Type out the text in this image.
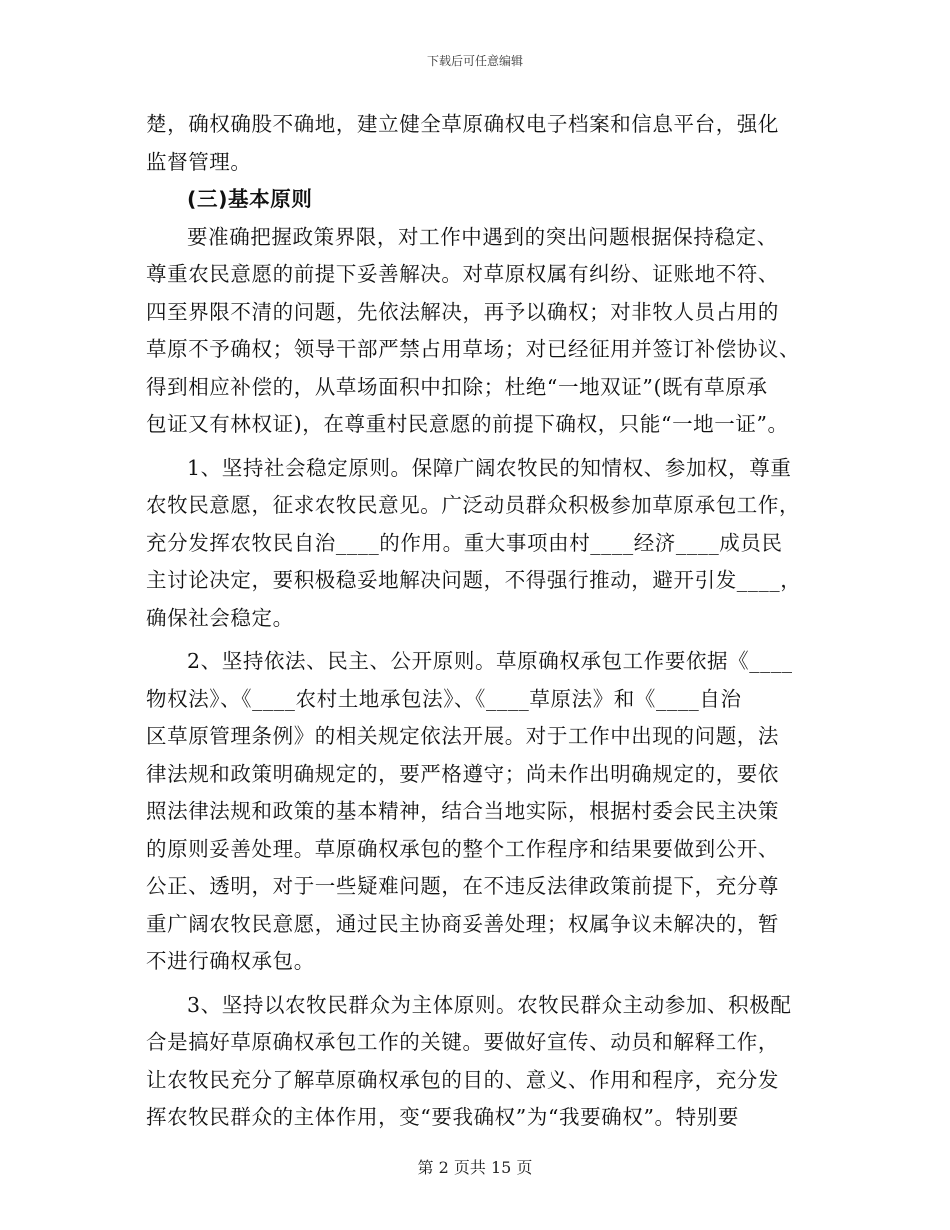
下载后可任意编辑
楚，确权确股不确地，建立健全草原确权电子档案和信息平台，强化
监督管理。
(三)基本原则
要准确把握政策界限，对工作中遇到的突出问题根据保持稳定、
尊重农民意愿的前提下妥善解决。对草原权属有纠纷、证账地不符、
四至界限不清的问题，先依法解决，再予以确权；对非牧人员占用的
草原不予确权；领导干部严禁占用草场；对已经征用并签订补偿协议、
得到相应补偿的，从草场面积中扣除；杜绝“一地双证”(既有草原承
包证又有林权证)，在尊重村民意愿的前提下确权，只能“一地一证”。
1、坚持社会稳定原则。保障广阔农牧民的知情权、参加权，尊重
农牧民意愿，征求农牧民意见。广泛动员群众积极参加草原承包工作，
充分发挥农牧民自治____的作用。重大事项由村____经济____成员民
主讨论决定，要积极稳妥地解决问题，不得强行推动，避开引发____，
确保社会稳定。
2、坚持依法、民主、公开原则。草原确权承包工作要依据《____
物权法》、《____农村土地承包法》、《____草原法》和《____自治
区草原管理条例》的相关规定依法开展。对于工作中出现的问题，法
律法规和政策明确规定的，要严格遵守；尚未作出明确规定的，要依
照法律法规和政策的基本精神，结合当地实际，根据村委会民主决策
的原则妥善处理。草原确权承包的整个工作程序和结果要做到公开、
公正、透明，对于一些疑难问题，在不违反法律政策前提下，充分尊
重广阔农牧民意愿，通过民主协商妥善处理；权属争议未解决的，暂
不进行确权承包。
3、坚持以农牧民群众为主体原则。农牧民群众主动参加、积极配
合是搞好草原确权承包工作的关键。要做好宣传、动员和解释工作，
让农牧民充分了解草原确权承包的目的、意义、作用和程序，充分发
挥农牧民群众的主体作用，变“要我确权”为“我要确权”。特别要
第 2 页共 15 页
